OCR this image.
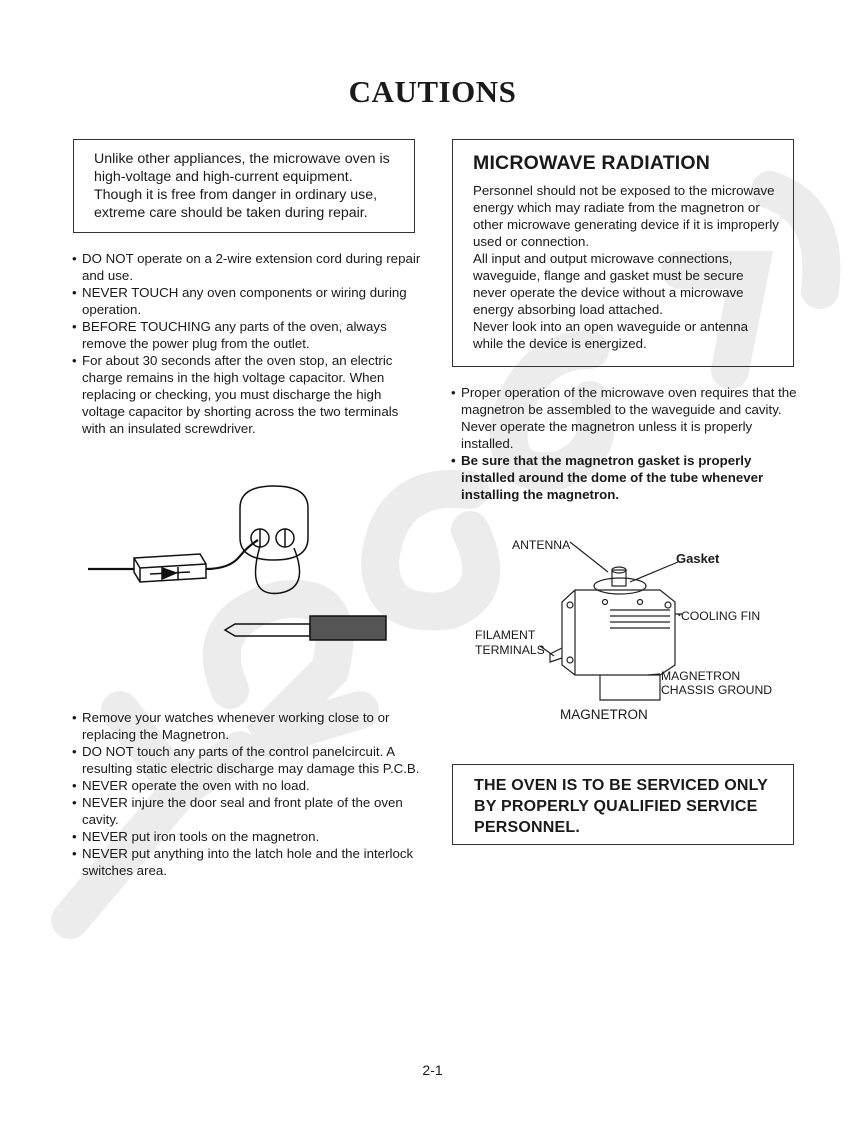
CAUTIONS

Unlike other appliances, the microwave oven is high-voltage and high-current equipment. Though it is free from danger in ordinary use, extreme care should be taken during repair.

MICROWAVE RADIATION

Personnel should not be exposed to the microwave energy which may radiate from the magnetron or other microwave generating device if it is improperly used or connection.

All input and output microwave connections, waveguide, flange and gasket must be secure never operate the device without a microwave energy absorbing load attached.

Never look into an open waveguide or antenna while the device is energized.

• DO NOT operate on a 2-wire extension cord during repair and use.
• NEVER TOUCH any oven components or wiring during operation.
• BEFORE TOUCHING any parts of the oven, always remove the power plug from the outlet.
• For about 30 seconds after the oven stop, an electric charge remains in the high voltage capacitor. When replacing or checking, you must discharge the high voltage capacitor by shorting across the two terminals with an insulated screwdriver.
• Proper operation of the microwave oven requires that the magnetron be assembled to the waveguide and cavity. Never operate the magnetron unless it is properly installed.
• Be sure that the magnetron gasket is properly installed around the dome of the tube whenever installing the magnetron.
ANTENNA
Gasket
COOLING FIN
FILAMENT
TERMINALS
MAGNETRON
CHASSIS GROUND
MAGNETRON
• Remove your watches whenever working close to or replacing the Magnetron.
• DO NOT touch any parts of the control panelcircuit. A resulting static electric discharge may damage this P.C.B.
• NEVER operate the oven with no load.
• NEVER injure the door seal and front plate of the oven cavity.
• NEVER put iron tools on the magnetron.
• NEVER put anything into the latch hole and the interlock switches area.

THE OVEN IS TO BE SERVICED ONLY BY PROPERLY QUALIFIED SERVICE PERSONNEL.

2-1
